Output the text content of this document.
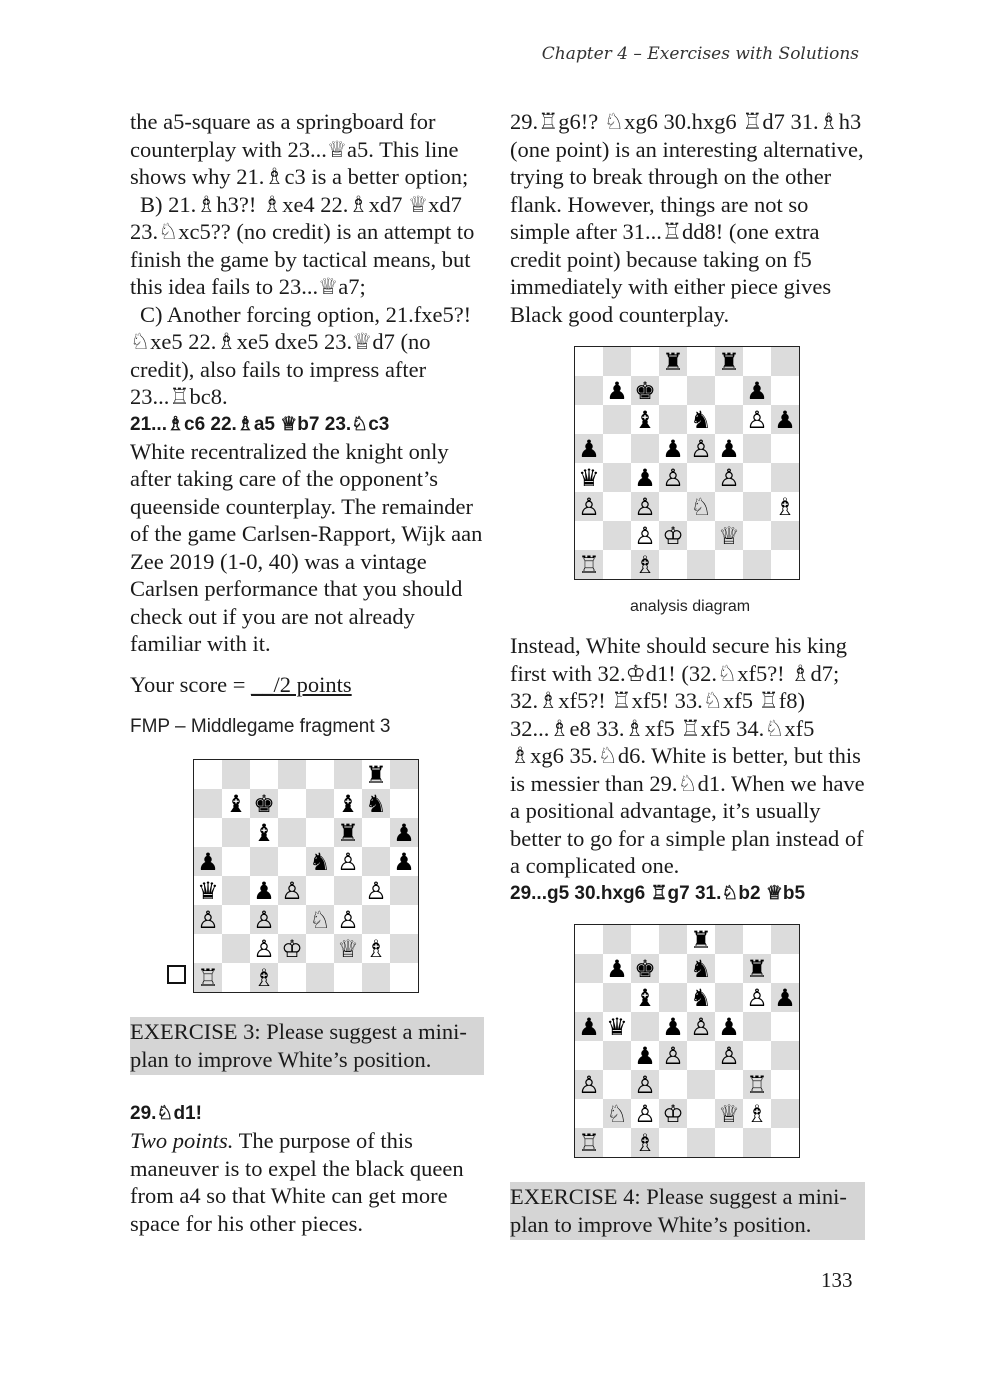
Chapter 4 – Exercises with Solutions

the a5-square as a springboard for counterplay with 23...♕a5. This line shows why 21.♗c3 is a better option;

B) 21.♗h3?! ♗xe4 22.♗xd7 ♕xd7 23.♘xc5?? (no credit) is an attempt to finish the game by tactical means, but this idea fails to 23...♕a7;

C) Another forcing option, 21.fxe5?! ♘xe5 22.♗xe5 dxe5 23.♕d7 (no credit), also fails to impress after 23...♖bc8.

21...♗c6 22.♗a5 ♕b7 23.♘c3

White recentralized the knight only after taking care of the opponent’s queenside counterplay. The remainder of the game Carlsen-Rapport, Wijk aan Zee 2019 (1-0, 40) was a vintage Carlsen performance that you should check out if you are not already familiar with it.

Your score = __/2 points

FMP – Middlegame fragment 3

♜
♝ ♚	♝ ♞
♝	♜ ♟
♟	♞ ♙ ♟
♛ ♟ ♙	♙
♙ ♙ ♘ ♙
♙ ♔ ♕ ♗
♖ ♗
EXERCISE 3: Please suggest a mini-plan to improve White’s position.

29.♘d1!

Two points. The purpose of this maneuver is to expel the black queen from a4 so that White can get more space for his other pieces.

29.♖g6!? ♘xg6 30.hxg6 ♖d7 31.♗h3 (one point) is an interesting alternative, trying to break through on the other flank. However, things are not so simple after 31...♖dd8! (one extra credit point) because taking on f5 immediately with either piece gives Black good counterplay.

♜ ♜
♟ ♚	♟
♝ ♞ ♙ ♟
♟	♟ ♙ ♟
♛ ♟ ♙ ♙
♙ ♙ ♘	♗
♙ ♔ ♕
♖ ♗
analysis diagram

Instead, White should secure his king first with 32.♔d1! (32.♘xf5?! ♗d7; 32.♗xf5?! ♖xf5! 33.♘xf5 ♖f8) 32...♗e8 33.♗xf5 ♖xf5 34.♘xf5 ♗xg6 35.♘d6. White is better, but this is messier than 29.♘d1. When we have a positional advantage, it’s usually better to go for a simple plan instead of a complicated one.

29...g5 30.hxg6 ♖g7 31.♘b2 ♕b5

♜
♟ ♚ ♞ ♜
♝ ♞ ♙ ♟
♟ ♛ ♟ ♙ ♟
♟ ♙ ♙
♙ ♙	♖
♘ ♙ ♔ ♕ ♗
♖ ♗
EXERCISE 4: Please suggest a mini-plan to improve White’s position.
133
